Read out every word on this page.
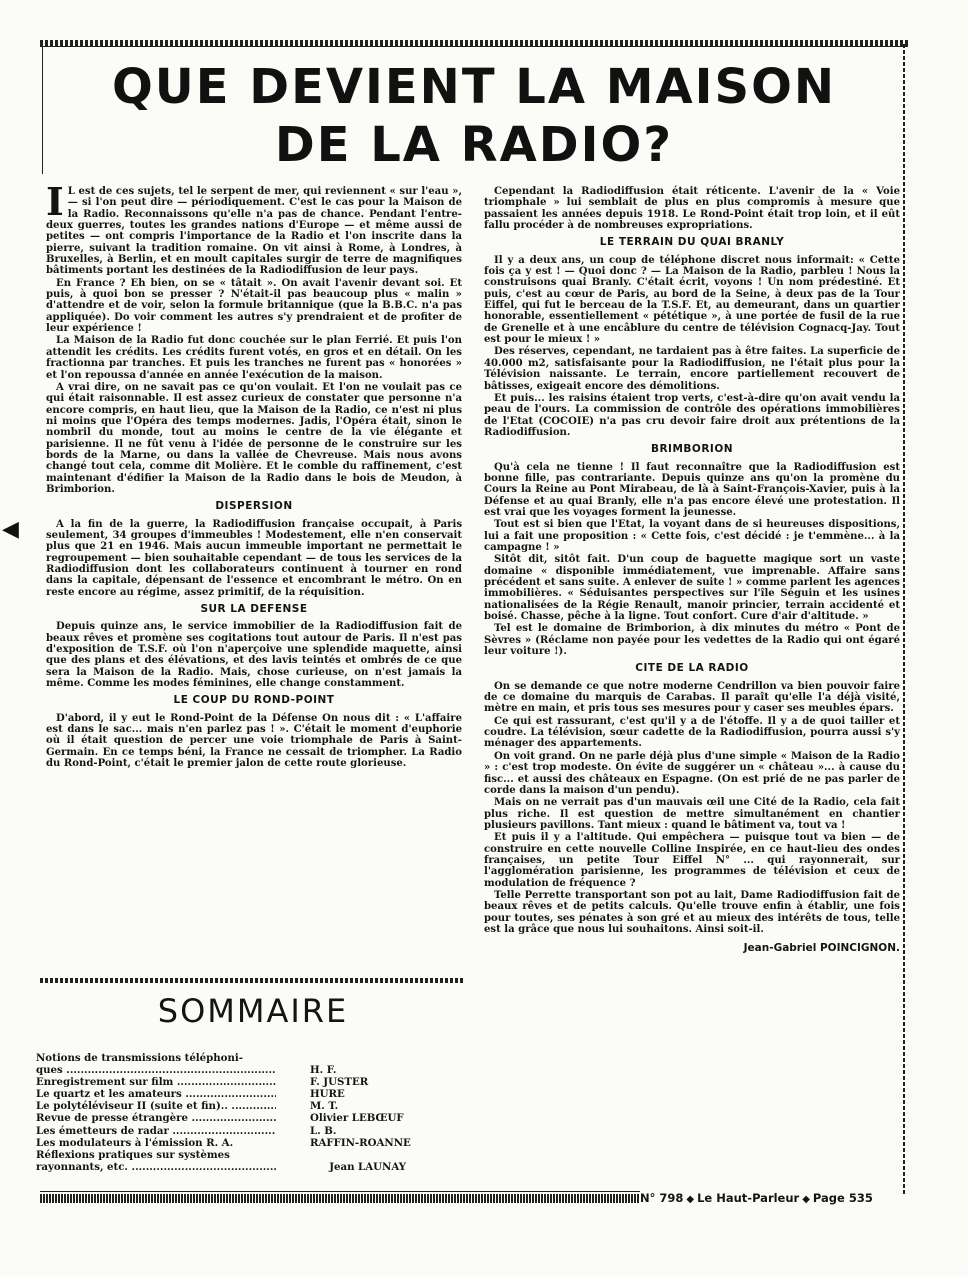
◀
QUE DEVIENT LA MAISON
DE LA RADIO?

I L est de ces sujets, tel le serpent de mer, qui reviennent « sur l'eau », — si l'on peut dire — périodiquement. C'est le cas pour la Maison de la Radio. Reconnaissons qu'elle n'a pas de chance. Pendant l'entre-deux guerres, toutes les grandes nations d'Europe — et même aussi de petites — ont compris l'importance de la Radio et l'on inscrite dans la pierre, suivant la tradition romaine. On vit ainsi à Rome, à Londres, à Bruxelles, à Berlin, et en moult capitales surgir de terre de magnifiques bâtiments portant les destinées de la Radiodiffusion de leur pays.

En France ? Eh bien, on se « tâtait ». On avait l'avenir devant soi. Et puis, à quoi bon se presser ? N'était-il pas beaucoup plus « malin » d'attendre et de voir, selon la formule britannique (que la B.B.C. n'a pas appliquée). Do voir comment les autres s'y prendraient et de profiter de leur expérience !

La Maison de la Radio fut donc couchée sur le plan Ferrié. Et puis l'on attendit les crédits. Les crédits furent votés, en gros et en détail. On les fractionna par tranches. Et puis les tranches ne furent pas « honorées » et l'on repoussa d'année en année l'exécution de la maison.

A vrai dire, on ne savait pas ce qu'on voulait. Et l'on ne voulait pas ce qui était raisonnable. Il est assez curieux de constater que personne n'a encore compris, en haut lieu, que la Maison de la Radio, ce n'est ni plus ni moins que l'Opéra des temps modernes. Jadis, l'Opéra était, sinon le nombril du monde, tout au moins le centre de la vie élégante et parisienne. Il ne fût venu à l'idée de personne de le construire sur les bords de la Marne, ou dans la vallée de Chevreuse. Mais nous avons changé tout cela, comme dit Molière. Et le comble du raffinement, c'est maintenant d'édifier la Maison de la Radio dans le bois de Meudon, à Brimborion.

DISPERSION

A la fin de la guerre, la Radiodiffusion française occupait, à Paris seulement, 34 groupes d'immeubles ! Modestement, elle n'en conservait plus que 21 en 1946. Mais aucun immeuble important ne permettait le regroupement — bien souhaitable cependant — de tous les services de la Radiodiffusion dont les collaborateurs continuent à tourner en rond dans la capitale, dépensant de l'essence et encombrant le métro. On en reste encore au régime, assez primitif, de la réquisition.

SUR LA DEFENSE

Depuis quinze ans, le service immobilier de la Radiodiffusion fait de beaux rêves et promène ses cogitations tout autour de Paris. Il n'est pas d'exposition de T.S.F. où l'on n'aperçoive une splendide maquette, ainsi que des plans et des élévations, et des lavis teintés et ombrés de ce que sera la Maison de la Radio. Mais, chose curieuse, on n'est jamais la même. Comme les modes féminines, elle change constamment.

LE COUP DU ROND-POINT

D'abord, il y eut le Rond-Point de la Défense On nous dit : « L'affaire est dans le sac... mais n'en parlez pas ! ». C'était le moment d'euphorie où il était question de percer une voie triomphale de Paris à Saint-Germain. En ce temps béni, la France ne cessait de triompher. La Radio du Rond-Point, c'était le premier jalon de cette route glorieuse.

Cependant la Radiodiffusion était réticente. L'avenir de la « Voie triomphale » lui semblait de plus en plus compromis à mesure que passaient les années depuis 1918. Le Rond-Point était trop loin, et il eût fallu procéder à de nombreuses expropriations.

LE TERRAIN DU QUAI BRANLY

Il y a deux ans, un coup de téléphone discret nous informait: « Cette fois ça y est ! — Quoi donc ? — La Maison de la Radio, parbleu ! Nous la construisons quai Branly. C'était écrit, voyons ! Un nom prédestiné. Et puis, c'est au cœur de Paris, au bord de la Seine, à deux pas de la Tour Eiffel, qui fut le berceau de la T.S.F. Et, au demeurant, dans un quartier honorable, essentiellement « pététique », à une portée de fusil de la rue de Grenelle et à une encâblure du centre de télévision Cognacq-Jay. Tout est pour le mieux ! »

Des réserves, cependant, ne tardaient pas à être faites. La superficie de 40.000 m2, satisfaisante pour la Radiodiffusion, ne l'était plus pour la Télévision naissante. Le terrain, encore partiellement recouvert de bâtisses, exigeait encore des démolitions.

Et puis... les raisins étaient trop verts, c'est-à-dire qu'on avait vendu la peau de l'ours. La commission de contrôle des opérations immobilières de l'Etat (COCOIE) n'a pas cru devoir faire droit aux prétentions de la Radiodiffusion.

BRIMBORION

Qu'à cela ne tienne ! Il faut reconnaître que la Radiodiffusion est bonne fille, pas contrariante. Depuis quinze ans qu'on la promène du Cours la Reine au Pont Mirabeau, de là à Saint-François-Xavier, puis à la Défense et au quai Branly, elle n'a pas encore élevé une protestation. Il est vrai que les voyages forment la jeunesse.

Tout est si bien que l'Etat, la voyant dans de si heureuses dispositions, lui a fait une proposition : « Cette fois, c'est décidé : je t'emmène... à la campagne ! »

Sitôt dit, sitôt fait. D'un coup de baguette magique sort un vaste domaine « disponible immédiatement, vue imprenable. Affaire sans précédent et sans suite. A enlever de suite ! » comme parlent les agences immobilières. « Séduisantes perspectives sur l'île Séguin et les usines nationalisées de la Régie Renault, manoir princier, terrain accidenté et boisé. Chasse, pêche à la ligne. Tout confort. Cure d'air d'altitude. »

Tel est le domaine de Brimborion, à dix minutes du métro « Pont de Sèvres » (Réclame non payée pour les vedettes de la Radio qui ont égaré leur voiture !).

CITE DE LA RADIO

On se demande ce que notre moderne Cendrillon va bien pouvoir faire de ce domaine du marquis de Carabas. Il paraît qu'elle l'a déjà visité, mètre en main, et pris tous ses mesures pour y caser ses meubles épars.

Ce qui est rassurant, c'est qu'il y a de l'étoffe. Il y a de quoi tailler et coudre. La télévision, sœur cadette de la Radiodiffusion, pourra aussi s'y ménager des appartements.

On voit grand. On ne parle déjà plus d'une simple « Maison de la Radio » : c'est trop modeste. On évite de suggérer un « château »... à cause du fisc... et aussi des châteaux en Espagne. (On est prié de ne pas parler de corde dans la maison d'un pendu).

Mais on ne verrait pas d'un mauvais œil une Cité de la Radio, cela fait plus riche. Il est question de mettre simultanément en chantier plusieurs pavillons. Tant mieux : quand le bâtiment va, tout va !

Et puis il y a l'altitude. Qui empêchera — puisque tout va bien — de construire en cette nouvelle Colline Inspirée, en ce haut-lieu des ondes françaises, un petite Tour Eiffel N° ... qui rayonnerait, sur l'agglomération parisienne, les programmes de télévision et ceux de modulation de fréquence ?

Telle Perrette transportant son pot au lait, Dame Radiodiffusion fait de beaux rêves et de petits calculs. Qu'elle trouve enfin à établir, une fois pour toutes, ses pénates à son gré et au mieux des intérêts de tous, telle est la grâce que nous lui souhaitons. Ainsi soit-il.

Jean-Gabriel POINCIGNON.

SOMMAIRE
Notions de transmissions téléphoni-
ques .....	H. F.
Enregistrement sur film .....	F. JUSTER
Le quartz et les amateurs .....	HURE
Le polytéléviseur II (suite et fin).. .....	M. T.
Revue de presse étrangère .....	Olivier LEBŒUF
Les émetteurs de radar .....	L. B.
Les modulateurs à l'émission R. A.	RAFFIN-ROANNE
Réflexions pratiques sur systèmes
rayonnants, etc. .....	Jean LAUNAY
N° 798 ◆ Le Haut-Parleur ◆ Page 535
